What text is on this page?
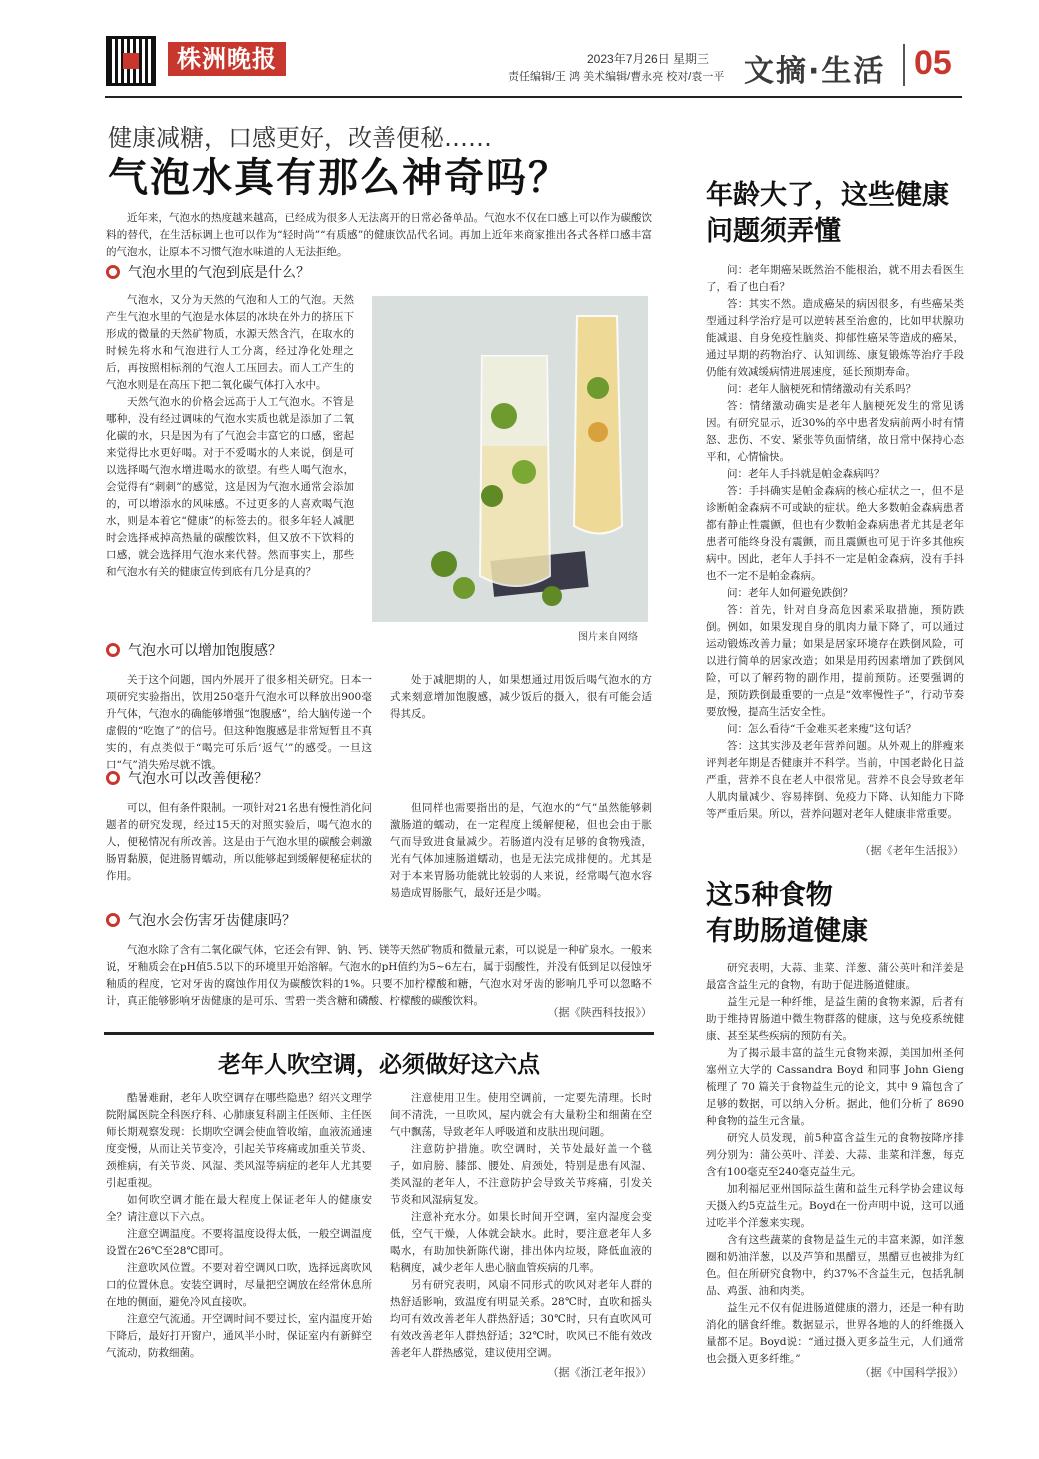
株洲晚报	2023年7月26日 星期三
责任编辑/王 鸿 美术编辑/曹永亮 校对/袁一平 文摘·生活 05
健康减糖，口感更好，改善便秘……
气泡水真有那么神奇吗？

近年来，气泡水的热度越来越高，已经成为很多人无法离开的日常必备单品。气泡水不仅在口感上可以作为碳酸饮料的替代，在生活标调上也可以作为“轻时尚”“有质感”的健康饮品代名词。再加上近年来商家推出各式各样口感丰富的气泡水，让原本不习惯气泡水味道的人无法拒绝。

气泡水里的气泡到底是什么？

气泡水，又分为天然的气泡和人工的气泡。天然产生气泡水里的气泡是水体层的冰块在外力的挤压下形成的微量的天然矿物质，水源天然含汽，在取水的时候先将水和气泡进行人工分离，经过净化处理之后，再按照相标剂的气泡人工压回去。而人工产生的气泡水则是在高压下把二氧化碳气体打入水中。

天然气泡水的价格会远高于人工气泡水。不管是哪种，没有经过调味的气泡水实质也就是添加了二氧化碳的水，只是因为有了气泡会丰富它的口感，密起来觉得比水更好喝。对于不爱喝水的人来说，倒是可以选择喝气泡水增进喝水的欲望。有些人喝气泡水，会觉得有“刺刺”的感觉，这是因为气泡水通常会添加的，可以增添水的风味感。不过更多的人喜欢喝气泡水，则是本着它“健康”的标签去的。很多年轻人减肥时会选择戒掉高热量的碳酸饮料，但又放不下饮料的口感，就会选择用气泡水来代替。然而事实上，那些和气泡水有关的健康宣传到底有几分是真的？

图片来自网络
气泡水可以增加饱腹感？

关于这个问题，国内外展开了很多相关研究。日本一项研究实验指出，饮用250毫升气泡水可以释放出900毫升气体，气泡水的确能够增强“饱腹感”，给大脑传递一个虚假的“吃饱了”的信号。但这种饱腹感是非常短暂且不真实的，有点类似于“喝完可乐后‘返气’”的感受。一旦这口“气”消失殆尽就不饿。

处于减肥期的人，如果想通过用饭后喝气泡水的方式来刻意增加饱腹感，减少饭后的摄入，很有可能会适得其反。

气泡水可以改善便秘？

可以，但有条件限制。一项针对21名患有慢性消化问题者的研究发现，经过15天的对照实验后，喝气泡水的人，便秘情况有所改善。这是由于气泡水里的碳酸会刺激肠胃黏膜，促进肠胃蠕动，所以能够起到缓解便秘症状的作用。

但同样也需要指出的是，气泡水的“气”虽然能够刺激肠道的蠕动，在一定程度上缓解便秘，但也会由于胀气而导致进食量减少。若肠道内没有足够的食物残渣，光有气体加速肠道蠕动，也是无法完成排便的。尤其是对于本来胃肠功能就比较弱的人来说，经常喝气泡水容易造成胃肠胀气，最好还是少喝。

气泡水会伤害牙齿健康吗？

气泡水除了含有二氧化碳气体，它还会有钾、钠、钙、镁等天然矿物质和微量元素，可以说是一种矿泉水。一般来说，牙釉质会在pH值5.5以下的环境里开始溶解。气泡水的pH值约为5~6左右，属于弱酸性，并没有低到足以侵蚀牙釉质的程度，它对牙齿的腐蚀作用仅为碳酸饮料的1%。只要不加柠檬酸和糖，气泡水对牙齿的影响几乎可以忽略不计，真正能够影响牙齿健康的是可乐、雪碧一类含糖和磷酸、柠檬酸的碳酸饮料。

（据《陕西科技报》）
老年人吹空调，必须做好这六点

酷暑难耐，老年人吹空调存在哪些隐患？绍兴文理学院附属医院全科医疗科、心肺康复科副主任医师、主任医师长期观察发现：长期吹空调会使血管收缩，血液流通速度变慢，从而让关节变冷，引起关节疼痛或加重关节炎、颈椎病，有关节炎、风湿、类风湿等病症的老年人尤其要引起重视。

如何吹空调才能在最大程度上保证老年人的健康安全？请注意以下六点。

注意空调温度。不要将温度设得太低，一般空调温度设置在26℃至28℃即可。

注意吹风位置。不要对着空调风口吹，选择远离吹风口的位置休息。安装空调时，尽量把空调放在经常休息所在地的侧面，避免冷风直接吹。

注意空气流通。开空调时间不要过长，室内温度开始下降后，最好打开窗户，通风半小时，保证室内有新鲜空气流动，防救细菌。

注意使用卫生。使用空调前，一定要先清理。长时间不清洗，一旦吹风，屋内就会有大量粉尘和细菌在空气中飘荡，导致老年人呼吸道和皮肤出现问题。

注意防护措施。吹空调时，关节处最好盖一个毯子，如肩膀、膝部、腰处、肩颈处，特别是患有风湿、类风湿的老年人，不注意防护会导致关节疼痛，引发关节炎和风湿病复发。

注意补充水分。如果长时间开空调，室内湿度会变低，空气干燥，人体就会缺水。此时，要注意老年人多喝水，有助加快新陈代谢，排出体内垃圾，降低血液的粘稠度，减少老年人患心脑血管疾病的几率。

另有研究表明，风扇不同形式的吹风对老年人群的热舒适影响，致温度有明显关系。28℃时，直吹和摇头均可有效改善老年人群热舒适；30℃时，只有直吹风可有效改善老年人群热舒适；32℃时，吹风已不能有效改善老年人群热感觉，建议使用空调。

（据《浙江老年报》）
年龄大了，这些健康
问题须弄懂

问：老年期癌呆既然治不能根治，就不用去看医生了，看了也白看？

答：其实不然。造成癌呆的病因很多，有些癌呆类型通过科学治疗是可以逆转甚至治愈的，比如甲状腺功能减退、自身免疫性脑炎、抑郁性癌呆等造成的癌呆，通过早期的药物治疗、认知训练、康复锻炼等治疗手段仍能有效减缓病情进展速度，延长预期寿命。

问：老年人脑梗死和情绪激动有关系吗？

答：情绪激动确实是老年人脑梗死发生的常见诱因。有研究显示，近30%的卒中患者发病前两小时有情怒、悲伤、不安、紧张等负面情绪，故日常中保持心态平和，心情愉快。

问：老年人手抖就是帕金森病吗？

答：手抖确实是帕金森病的核心症状之一，但不是诊断帕金森病不可或缺的症状。绝大多数帕金森病患者都有静止性震颤，但也有少数帕金森病患者尤其是老年患者可能终身没有震颤，而且震颤也可见于许多其他疾病中。因此，老年人手抖不一定是帕金森病，没有手抖也不一定不是帕金森病。

问：老年人如何避免跌倒？

答：首先，针对自身高危因素采取措施，预防跌倒。例如，如果发现自身的肌肉力量下降了，可以通过运动锻炼改善力量；如果是居家环境存在跌倒风险，可以进行简单的居家改造；如果是用药因素增加了跌倒风险，可以了解药物的副作用，提前预防。还要强调的是，预防跌倒最重要的一点是“效率慢性子”，行动节奏要放慢，提高生活安全性。

问：怎么看待“千金难买老来瘦”这句话？

答：这其实涉及老年营养问题。从外观上的胖瘦来评判老年期是否健康并不科学。当前，中国老龄化日益严重，营养不良在老人中很常见。营养不良会导致老年人肌肉量减少、容易摔倒、免疫力下降、认知能力下降等严重后果。所以，营养问题对老年人健康非常重要。

（据《老年生活报》）
这5种食物
有助肠道健康

研究表明，大蒜、韭菜、洋葱、蒲公英叶和洋姜是最富含益生元的食物，有助于促进肠道健康。

益生元是一种纤维，是益生菌的食物来源，后者有助于维持胃肠道中微生物群落的健康，这与免疫系统健康、甚至某些疾病的预防有关。

为了揭示最丰富的益生元食物来源，美国加州圣何塞州立大学的 Cassandra Boyd 和同事 John Gieng 梳理了 70 篇关于食物益生元的论文，其中 9 篇包含了足够的数据，可以纳入分析。据此，他们分析了 8690 种食物的益生元含量。

研究人员发现，前5种富含益生元的食物按降序排列分别为：蒲公英叶、洋姜、大蒜、韭菜和洋葱，每克含有100毫克至240毫克益生元。

加利福尼亚州国际益生菌和益生元科学协会建议每天摄入约5克益生元。Boyd在一份声明中说，这可以通过吃半个洋葱来实现。

含有这些蔬菜的食物是益生元的丰富来源，如洋葱圈和奶油洋葱，以及芦笋和黑醋豆，黑醋豆也被排为红色。但在所研究食物中，约37%不含益生元，包括乳制品、鸡蛋、油和肉类。

益生元不仅有促进肠道健康的潜力，还是一种有助消化的膳食纤维。数据显示，世界各地的人的纤维摄入量都不足。Boyd说：“通过摄入更多益生元，人们通常也会摄入更多纤维。”

（据《中国科学报》）
